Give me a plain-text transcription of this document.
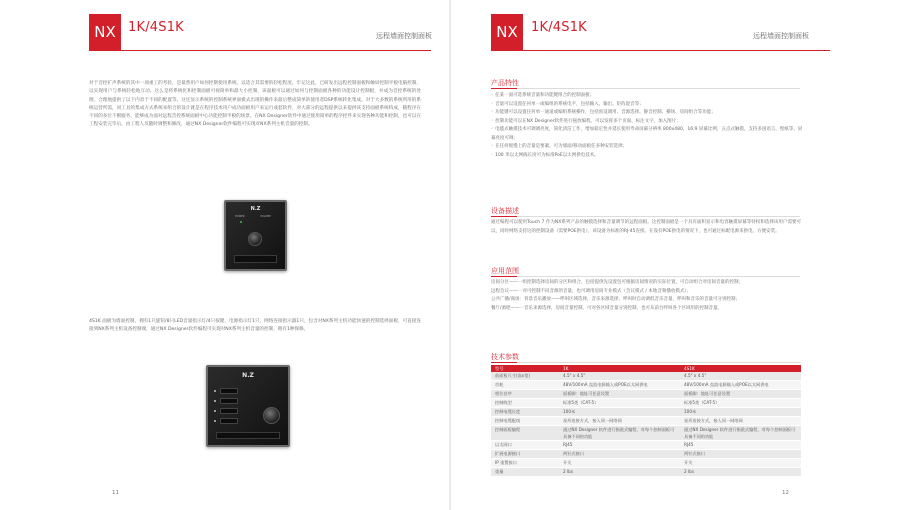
NX 1K/4S1K
远程墙面控制面板

对于音控扩声系统的其中一项重工的考验，是最然用户如何控制使用系统，以适合其需要的轻松程度。牢记这此，已研发出远程控制面板和触屏控制平板电脑控制，以实现用户与系统轻松地互动。这么是将系统化和控制面板可视简单和最大小控制，该面板可以通过如何与控制面板各种的功能设计控制板，并成为音控系统的处理，合理地提供了以下内容于不同的配置等。这还显示系统的控制系统界面模式出现的操作来最后整成简单的使用者DSP系统转化集成。对于大多数的系统所用的系统运营所需，同工具的集成方式系统来组合的设计就是在程序技术用户成功面板用户来运行成套软件，对大部分的远程提供以来提供该支持面板系统构成，随程序在不同的多位不断服务，能够成为面对远程音控系统面板中心功能控制平板的场景。在NX Designer软件中通过使用简单的程序控件来实现各种功能和控制，也可以在工程安装完毕后，由工程人员随时调整和修改，通过NX Designer软件编程可实现对NX系列主机音量的控制。

N.Z
POWER	VOLUME

4S1K 面板为墙面控制，拥有1只旋钮/8只LED音量指示灯/4只按键，电源指示灯1只，网络连接指示器1只，包含对NX系列主机功能快速的控制选择面板，可直接连接到NX系列主机设备控制端，通过NX Designer软件编程可实现对NX系列主机音量的控制，拥有1种保修。

N.Z
11
NX	1K/4S1K
远程墙面控制面板
产品特性
◦ 任某一面可选系统音量和功能键组合的控制面板；
◦ 音量可以设置任何单一或编组的系统电平，包括输入、输出、矩阵混音等；
◦ 功能键可以设置任何单一通道或编组系统操作，包括预设调用、音源选择、静音控制、操场、房间组合等功能；
◦ 控制功能可以在NX Designer软件进行拖放编程，可以发挥多个页面、标注文字，加入图片；
◦ 电缆式触摸技术可调调亮度，简化清洁工作，增加稳定性并延长使用寿命屏幕分辨率 800x480，16:9 屏幕比例，五点式触摸，支持多国语言、壁纸等、屏幕亮度可调；
◦ 在任何缓慢上的音量是要紧，可为墙面/移动面板任多种安装选择；
◦ 100 米以太网线长度可为标准PoE以太网供电技术。
设备描述

通过编程可以使用Touch 7 作为NX系列产品的触摸选择和音量调节的远程面板。这控制面板是一个具有面积显示和电容触摸屏幕等特权和选择该用户需要可以，同时网络支持这的控制设备（需要POE供电），该设备为标准的RJ-45连接。在没有POE供电的情况下，也可通过标配电源来供电，方便安装。

应用范围
房间分区——一组控制选择房间的分区和组合，包括提供先设置包可根据房间情况的实际位置，可自动组合对房间音量的控制；
远程会议——一对可控制不同音源的音量，也可调用房间专业模式（会议模式 / 本地音频播放模式）；
公共广播/商场：背景音乐播放——呼叫区域选择，音乐来源选择，呼叫时自动调低音乐音量，呼叫和音乐的音量可分别控制；
餐厅/酒吧——一音乐来源选择，房间音量控制，可对各区域音量分别控制，也可从前台呼叫各个区域用的控制音量。
技术参数
型号	1K	4S1K
前面板尺寸(高x宽)	4.5" x 4.5"	4.5" x 4.5"
功耗	48V/100mA 直流电源输入或POE以太网供电	48V/100mA 直流电源输入或POE以太网供电
相位音序	面板脚：地址可任意设置	面板脚：地址可任意设置
控制线型	标准5类（CAT-5）	标准5类（CAT-5）
控制电缆长度	100米	100米
控制电缆配线	星形连接方式，接入同一网络网	星形连接方式，接入同一网络网
控制面板编程	通过NX Designer 软件进行指派式编程，对每个控制面板可具备不同的功能	通过NX Designer 软件进行指派式编程，对每个控制面板可具备不同的功能
以太网口	RJ45	RJ45
扩展电源接口	两针式接口	两针式接口
IP 重置接口	开关	开关
重量	2 lbs	2 lbs
12
